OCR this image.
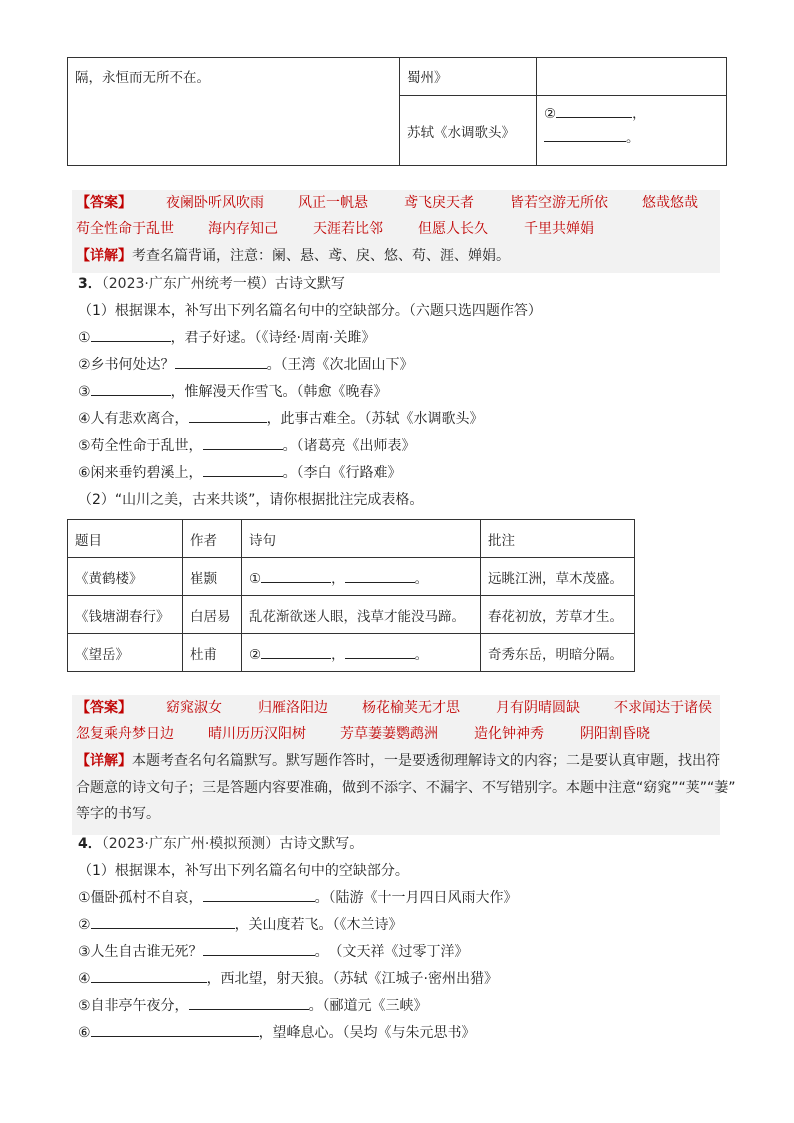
隔，永恒而无所不在。	蜀州》	
	苏轼《水调歌头》	② ，
。
【答案】 夜阑卧听风吹雨 风正一帆悬	鸢飞戾天者	皆若空游无所依 悠哉悠哉
苟全性命于乱世 海内存知己	天涯若比邻	但愿人长久	千里共婵娟
【详解】 考查名篇背诵，注意：阑、悬、鸢、戾、悠、苟、涯、婵娟。
3．（2023·广东广州统考一模）古诗文默写
（1）根据课本，补写出下列名篇名句中的空缺部分。（六题只选四题作答）
①	，君子好逑。（《诗经·周南·关雎》
②乡书何处达？	。（王湾《次北固山下》
③	，惟解漫天作雪飞。（韩愈《晚春》
④人有悲欢离合，	，此事古难全。（苏轼《水调歌头》
⑤苟全性命于乱世，	。（诸葛亮《出师表》
⑥闲来垂钓碧溪上，	。（李白《行路难》
（2）“山川之美，古来共谈”，请你根据批注完成表格。
题目	作者	诗句	批注
《黄鹤楼》	崔颢	① ， 。	远眺江洲，草木茂盛。
《钱塘湖春行》	白居易	乱花渐欲迷人眼，浅草才能没马蹄。	春花初放，芳草才生。
《望岳》	杜甫	② ， 。	奇秀东岳，明暗分隔。
【答案】 窈窕淑女	归雁洛阳边 杨花榆荚无才思	月有阴晴圆缺 不求闻达于诸侯
忽复乘舟梦日边 晴川历历汉阳树 芳草萋萋鹦鹉洲	造化钟神秀	阴阳割昏晓
【详解】 本题考查名句名篇默写。默写题作答时，一是要透彻理解诗文的内容；二是要认真审题，找出符
合题意的诗文句子；三是答题内容要准确，做到不添字、不漏字、不写错别字。本题中注意“窈窕”“荚”“萋”
等字的书写。
4．（2023·广东广州·模拟预测）古诗文默写。
（1）根据课本，补写出下列名篇名句中的空缺部分。
①僵卧孤村不自哀，	。（陆游《十一月四日风雨大作》
②	，关山度若飞。（《木兰诗》
③人生自古谁无死？	。　（文天祥《过零丁洋》
④	，西北望，射天狼。（苏轼《江城子·密州出猎》
⑤自非亭午夜分，	。（郦道元《三峡》
⑥	，望峰息心。（吴均《与朱元思书》
